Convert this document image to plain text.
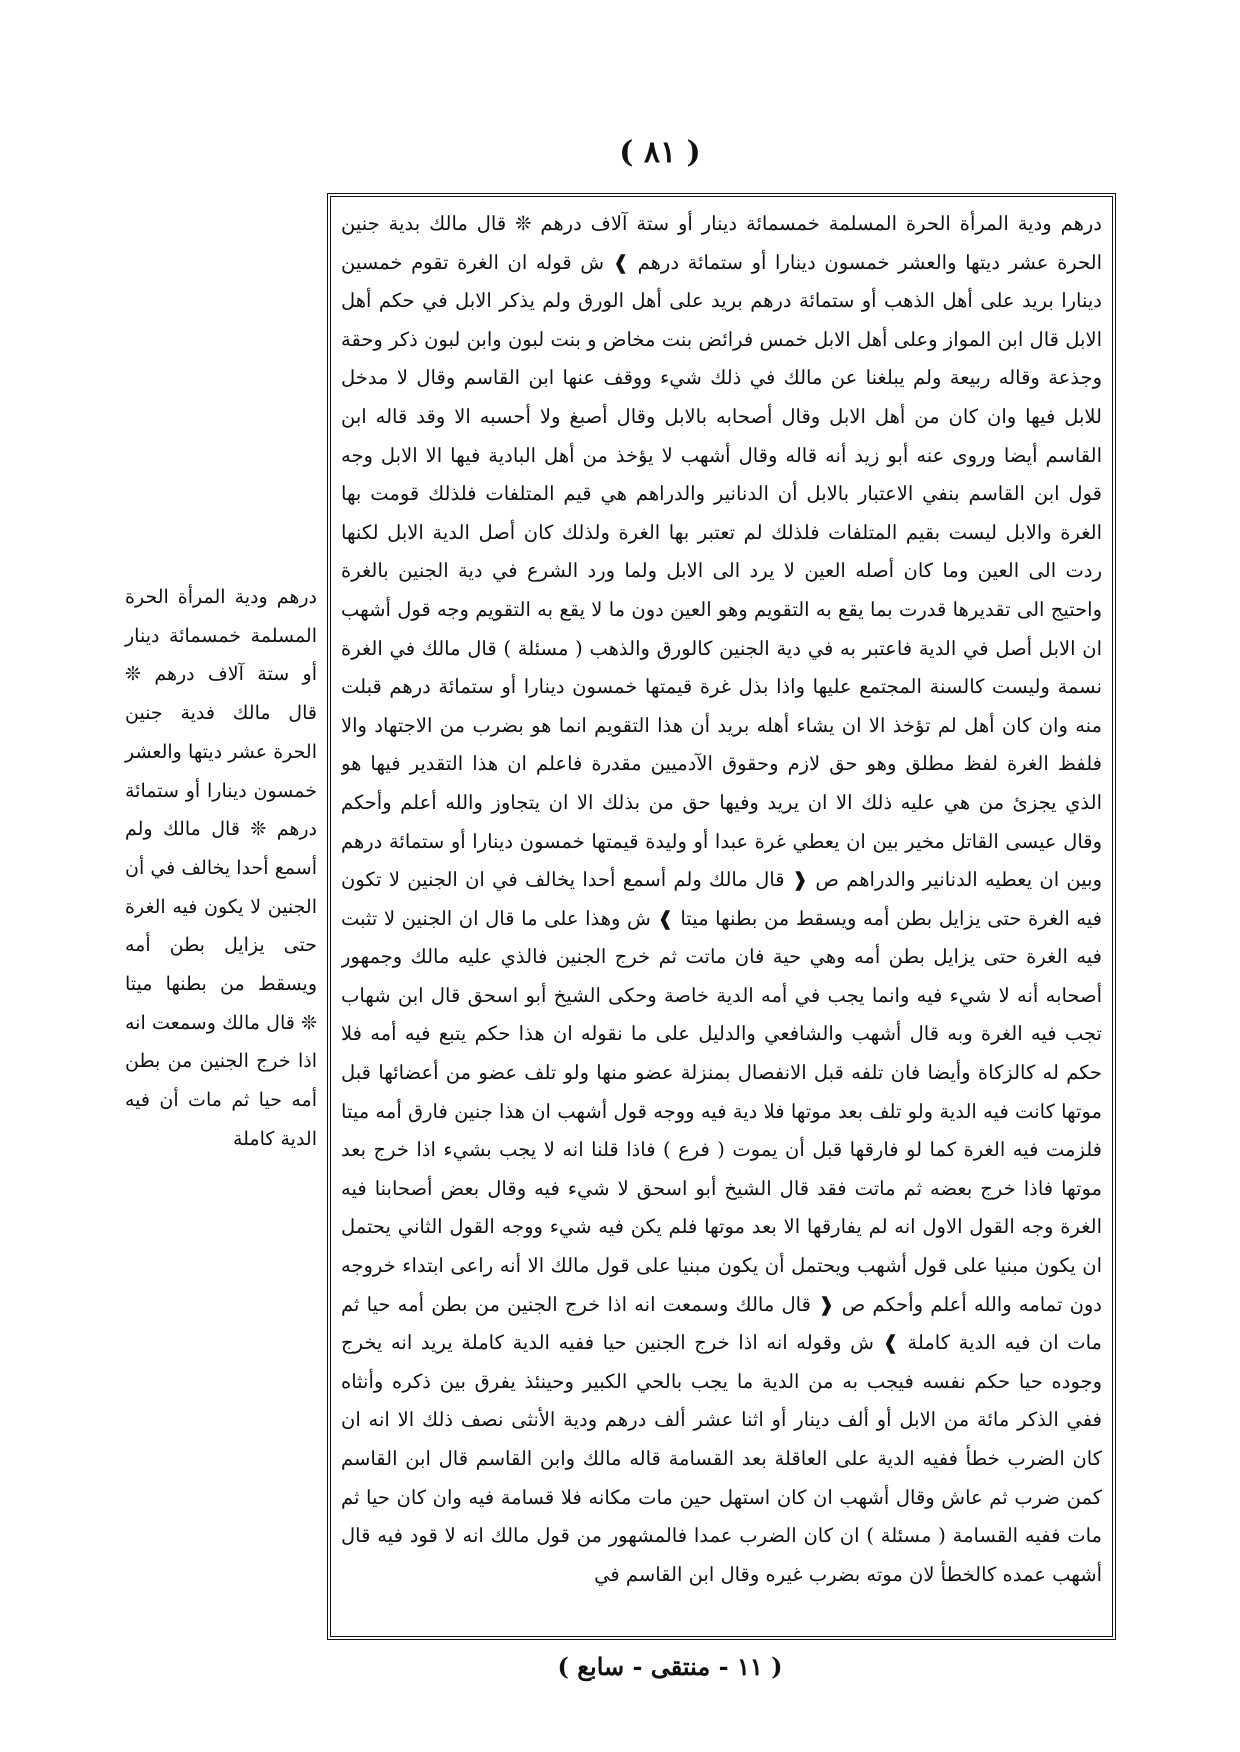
( ٨١ )

درهم ودية المرأة الحرة المسلمة خمسمائة دينار أو ستة آلاف درهم ❊ قال مالك بدية جنين الحرة عشر ديتها والعشر خمسون دينارا أو ستمائة درهم ❱ ش قوله ان الغرة تقوم خمسين دينارا بريد على أهل الذهب أو ستمائة درهم بريد على أهل الورق ولم يذكر الابل في حكم أهل الابل قال ابن المواز وعلى أهل الابل خمس فرائض بنت مخاض و بنت لبون وابن لبون ذكر وحقة وجذعة وقاله ربيعة ولم يبلغنا عن مالك في ذلك شيء ووقف عنها ابن القاسم وقال لا مدخل للابل فيها وان كان من أهل الابل وقال أصحابه بالابل وقال أصبغ ولا أحسبه الا وقد قاله ابن القاسم أيضا وروى عنه أبو زيد أنه قاله وقال أشهب لا يؤخذ من أهل البادية فيها الا الابل وجه قول ابن القاسم بنفي الاعتبار بالابل أن الدنانير والدراهم هي قيم المتلفات فلذلك قومت بها الغرة والابل ليست بقيم المتلفات فلذلك لم تعتبر بها الغرة ولذلك كان أصل الدية الابل لكنها ردت الى العين وما كان أصله العين لا يرد الى الابل ولما ورد الشرع في دية الجنين بالغرة واحتيج الى تقديرها قدرت بما يقع به التقويم وهو العين دون ما لا يقع به التقويم وجه قول أشهب ان الابل أصل في الدية فاعتبر به في دية الجنين كالورق والذهب ( مسئلة ) قال مالك في الغرة نسمة وليست كالسنة المجتمع عليها واذا بذل غرة قيمتها خمسون دينارا أو ستمائة درهم قبلت منه وان كان أهل لم تؤخذ الا ان يشاء أهله بريد أن هذا التقويم انما هو بضرب من الاجتهاد والا فلفظ الغرة لفظ مطلق وهو حق لازم وحقوق الآدميين مقدرة فاعلم ان هذا التقدير فيها هو الذي يجزئ من هي عليه ذلك الا ان يريد وفيها حق من بذلك الا ان يتجاوز والله أعلم وأحكم وقال عيسى القاتل مخير بين ان يعطي غرة عبدا أو وليدة قيمتها خمسون دينارا أو ستمائة درهم وبين ان يعطيه الدنانير والدراهم ص ❰ قال مالك ولم أسمع أحدا يخالف في ان الجنين لا تكون فيه الغرة حتى يزايل بطن أمه ويسقط من بطنها ميتا ❱ ش وهذا على ما قال ان الجنين لا تثبت فيه الغرة حتى يزايل بطن أمه وهي حية فان ماتت ثم خرج الجنين فالذي عليه مالك وجمهور أصحابه أنه لا شيء فيه وانما يجب في أمه الدية خاصة وحكى الشيخ أبو اسحق قال ابن شهاب تجب فيه الغرة وبه قال أشهب والشافعي والدليل على ما نقوله ان هذا حكم يتبع فيه أمه فلا حكم له كالزكاة وأيضا فان تلفه قبل الانفصال بمنزلة عضو منها ولو تلف عضو من أعضائها قبل موتها كانت فيه الدية ولو تلف بعد موتها فلا دية فيه ووجه قول أشهب ان هذا جنين فارق أمه ميتا فلزمت فيه الغرة كما لو فارقها قبل أن يموت ( فرع ) فاذا قلنا انه لا يجب بشيء اذا خرج بعد موتها فاذا خرج بعضه ثم ماتت فقد قال الشيخ أبو اسحق لا شيء فيه وقال بعض أصحابنا فيه الغرة وجه القول الاول انه لم يفارقها الا بعد موتها فلم يكن فيه شيء ووجه القول الثاني يحتمل ان يكون مبنيا على قول أشهب ويحتمل أن يكون مبنيا على قول مالك الا أنه راعى ابتداء خروجه دون تمامه والله أعلم وأحكم ص ❰ قال مالك وسمعت انه اذا خرج الجنين من بطن أمه حيا ثم مات ان فيه الدية كاملة ❱ ش وقوله انه اذا خرج الجنين حيا ففيه الدية كاملة يريد انه يخرج وجوده حيا حكم نفسه فيجب به من الدية ما يجب بالحي الكبير وحينئذ يفرق بين ذكره وأنثاه ففي الذكر مائة من الابل أو ألف دينار أو اثنا عشر ألف درهم ودية الأنثى نصف ذلك الا انه ان كان الضرب خطأ ففيه الدية على العاقلة بعد القسامة قاله مالك وابن القاسم قال ابن القاسم كمن ضرب ثم عاش وقال أشهب ان كان استهل حين مات مكانه فلا قسامة فيه وان كان حيا ثم مات ففيه القسامة ( مسئلة ) ان كان الضرب عمدا فالمشهور من قول مالك انه لا قود فيه قال أشهب عمده كالخطأ لان موته بضرب غيره وقال ابن القاسم في

درهم ودية المرأة الحرة المسلمة خمسمائة دينار أو ستة آلاف درهم ❊ قال مالك فدية جنين الحرة عشر ديتها والعشر خمسون دينارا أو ستمائة درهم ❊ قال مالك ولم أسمع أحدا يخالف في أن الجنين لا يكون فيه الغرة حتى يزايل بطن أمه ويسقط من بطنها ميتا ❊ قال مالك وسمعت انه اذا خرج الجنين من بطن أمه حيا ثم مات أن فيه الدية كاملة
( ١١ - منتقى - سابع )
